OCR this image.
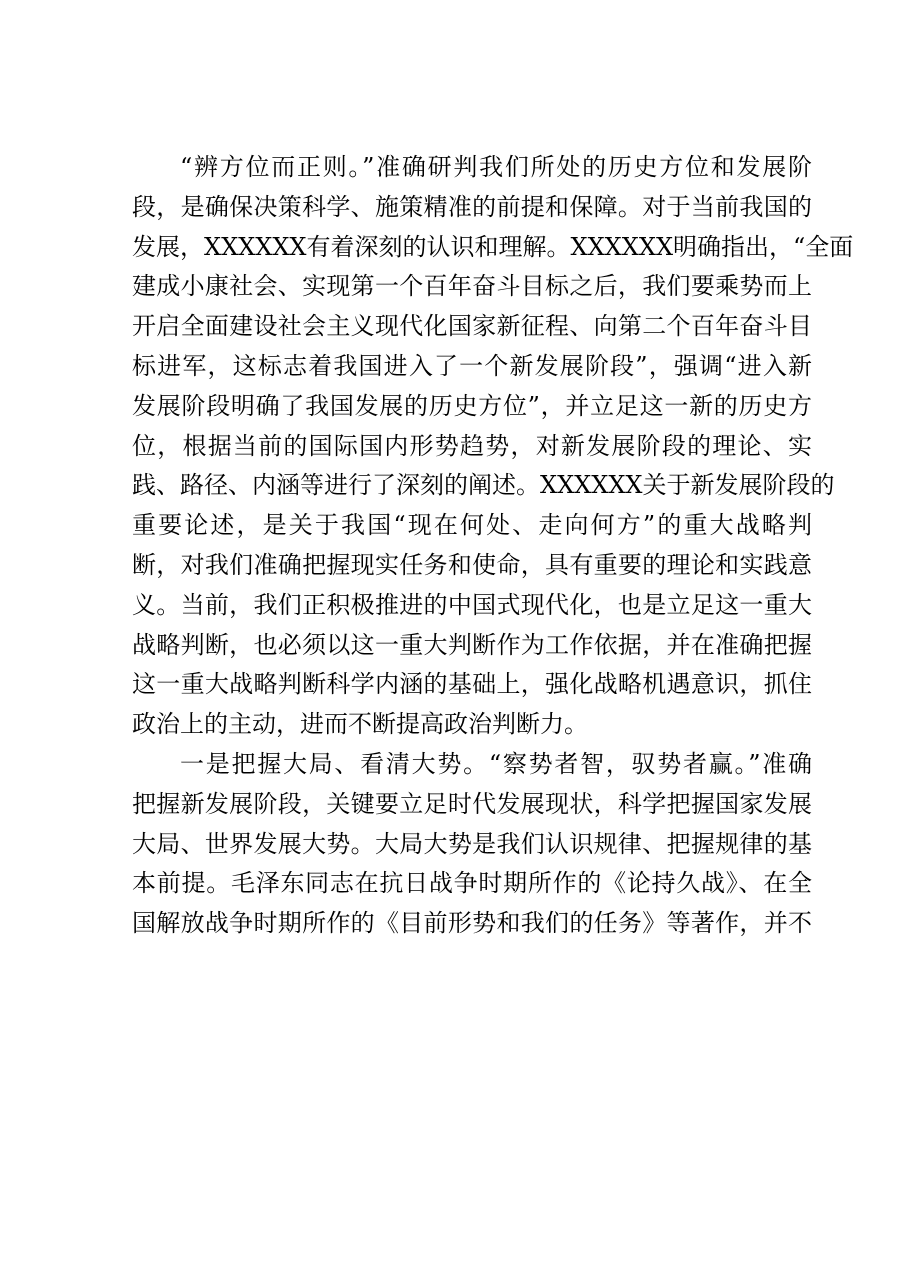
“辨方位而正则。”准确研判我们所处的历史方位和发展阶
段，是确保决策科学、施策精准的前提和保障。对于当前我国的
发展，XXXXXX有着深刻的认识和理解。XXXXXX明确指出，“全面
建成小康社会、实现第一个百年奋斗目标之后，我们要乘势而上
开启全面建设社会主义现代化国家新征程、向第二个百年奋斗目
标进军，这标志着我国进入了一个新发展阶段”，强调“进入新
发展阶段明确了我国发展的历史方位”，并立足这一新的历史方
位，根据当前的国际国内形势趋势，对新发展阶段的理论、实
践、路径、内涵等进行了深刻的阐述。XXXXXX关于新发展阶段的
重要论述，是关于我国“现在何处、走向何方”的重大战略判
断，对我们准确把握现实任务和使命，具有重要的理论和实践意
义。当前，我们正积极推进的中国式现代化，也是立足这一重大
战略判断，也必须以这一重大判断作为工作依据，并在准确把握
这一重大战略判断科学内涵的基础上，强化战略机遇意识，抓住
政治上的主动，进而不断提高政治判断力。
一是把握大局、看清大势。“察势者智，驭势者赢。”准确
把握新发展阶段，关键要立足时代发展现状，科学把握国家发展
大局、世界发展大势。大局大势是我们认识规律、把握规律的基
本前提。毛泽东同志在抗日战争时期所作的《论持久战》、在全
国解放战争时期所作的《目前形势和我们的任务》等著作，并不
